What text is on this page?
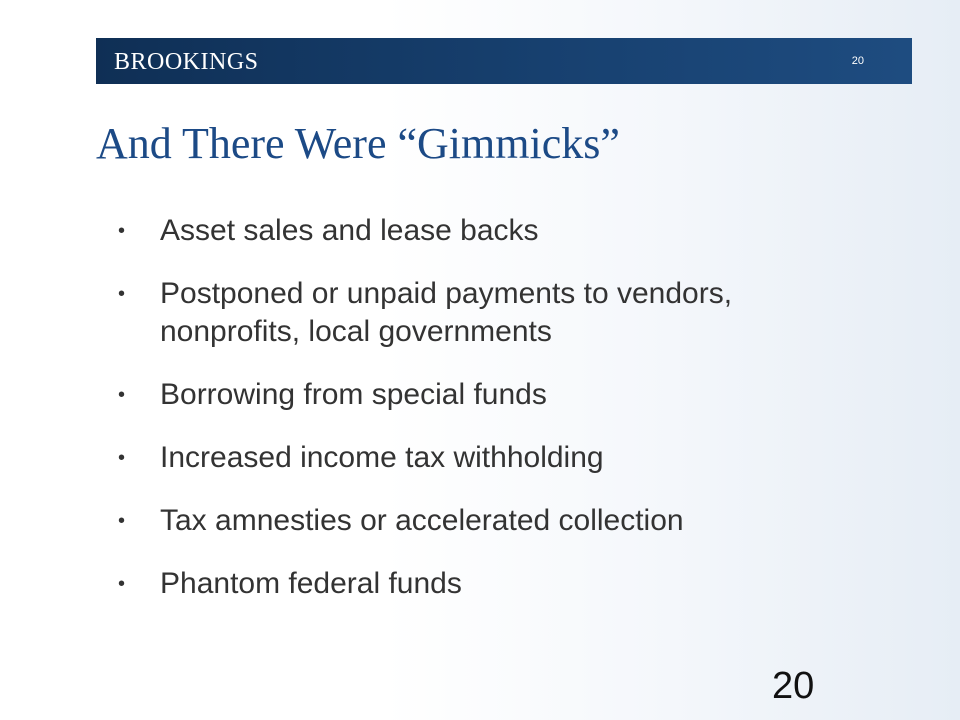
BROOKINGS	20
And There Were “Gimmicks”
• Asset sales and lease backs
• Postponed or unpaid payments to vendors, nonprofits, local governments
• Borrowing from special funds
• Increased income tax withholding
• Tax amnesties or accelerated collection
• Phantom federal funds
20
